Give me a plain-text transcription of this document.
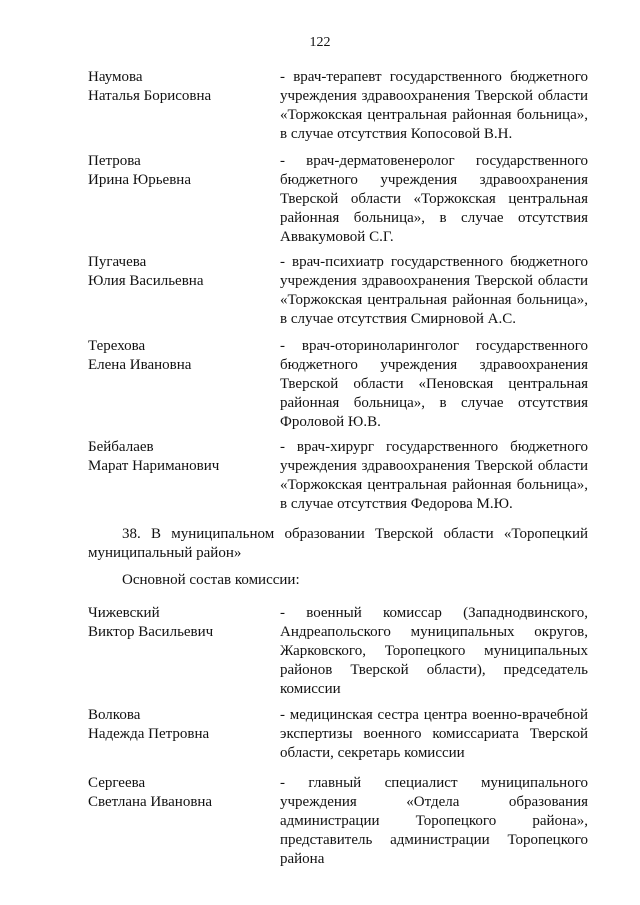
122
Наумова
Наталья Борисовна
- врач-терапевт государственного бюджетного учреждения здравоохранения Тверской области «Торжокская центральная районная больница», в случае отсутствия Копосовой В.Н.
Петрова
Ирина Юрьевна
- врач-дерматовенеролог государственного бюджетного учреждения здравоохранения Тверской области «Торжокская центральная районная больница», в случае отсутствия Аввакумовой С.Г.
Пугачева
Юлия Васильевна
- врач-психиатр государственного бюджетного учреждения здравоохранения Тверской области «Торжокская центральная районная больница», в случае отсутствия Смирновой А.С.
Терехова
Елена Ивановна
- врач-оториноларинголог государственного бюджетного учреждения здравоохранения Тверской области «Пеновская центральная районная больница», в случае отсутствия Фроловой Ю.В.
Бейбалаев
Марат Нариманович
- врач-хирург государственного бюджетного учреждения здравоохранения Тверской области «Торжокская центральная районная больница», в случае отсутствия Федорова М.Ю.
38. В муниципальном образовании Тверской области «Торопецкий муниципальный район»
Основной состав комиссии:
Чижевский
Виктор Васильевич
- военный комиссар (Западнодвинского, Андреапольского муниципальных округов, Жарковского, Торопецкого муниципальных районов Тверской области), председатель комиссии
Волкова
Надежда Петровна
- медицинская сестра центра военно-врачебной экспертизы военного комиссариата Тверской области, секретарь комиссии
Сергеева
Светлана Ивановна
- главный специалист муниципального учреждения «Отдела образования администрации Торопецкого района», представитель администрации Торопецкого района
